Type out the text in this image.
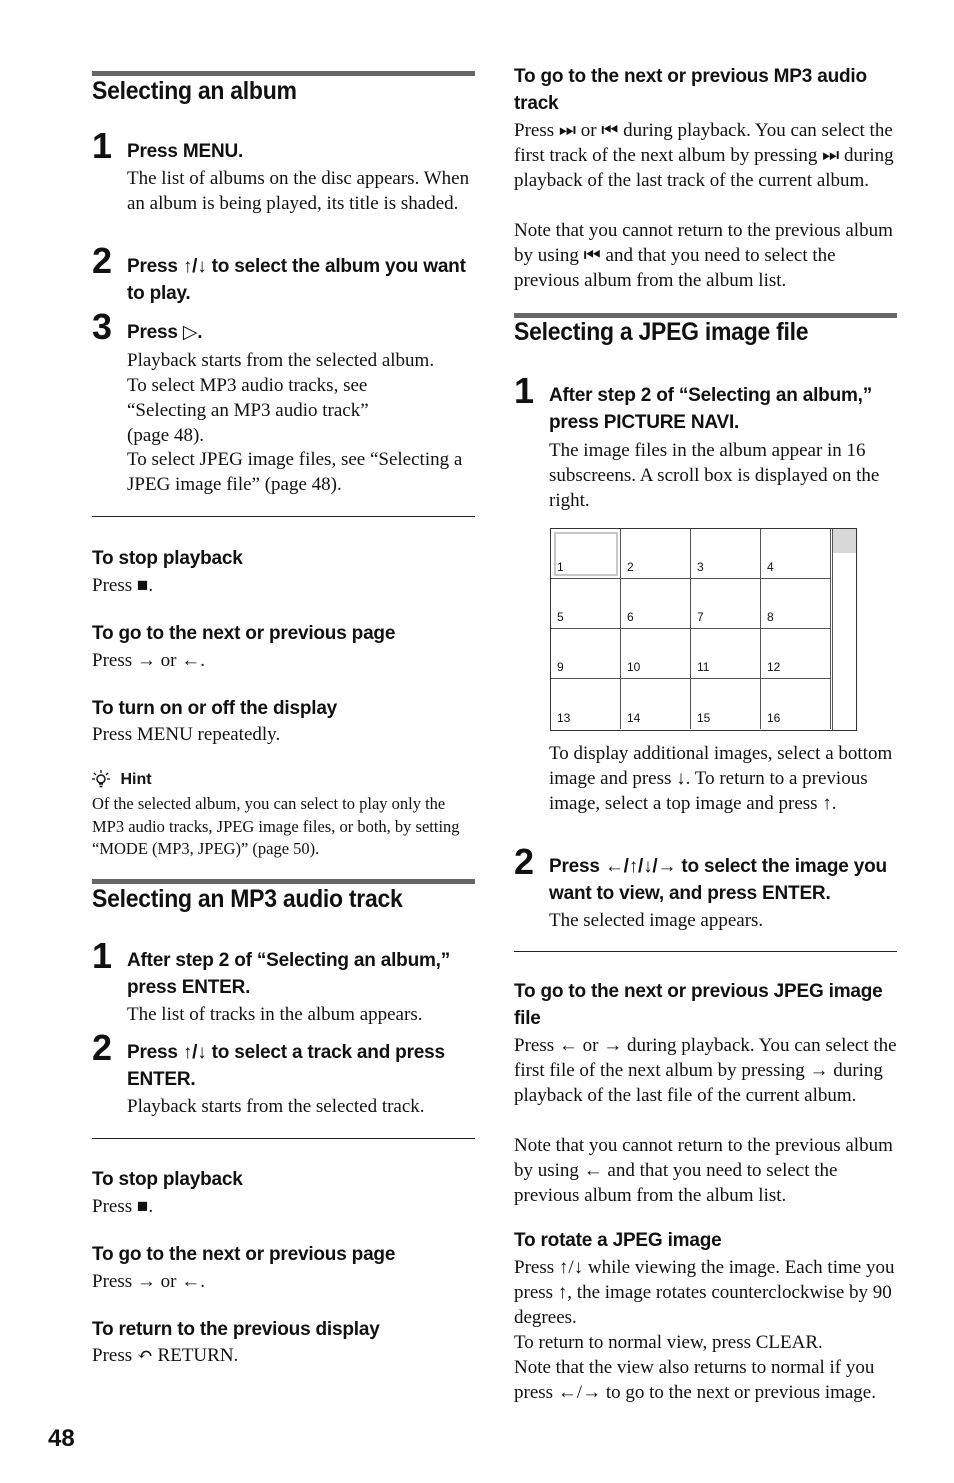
Selecting an album
1 Press MENU.
The list of albums on the disc appears. When an album is being played, its title is shaded.
2 Press ↑/↓ to select the album you want to play.
3 Press ▷.
Playback starts from the selected album.
To select MP3 audio tracks, see “Selecting an MP3 audio track” (page 48).
To select JPEG image files, see “Selecting a JPEG image file” (page 48).
To stop playback
Press ■.
To go to the next or previous page
Press → or ←.
To turn on or off the display
Press MENU repeatedly.
Hint
Of the selected album, you can select to play only the MP3 audio tracks, JPEG image files, or both, by setting “MODE (MP3, JPEG)” (page 50).
Selecting an MP3 audio track
1 After step 2 of “Selecting an album,” press ENTER.
The list of tracks in the album appears.
2 Press ↑/↓ to select a track and press ENTER.
Playback starts from the selected track.
To stop playback
Press ■.
To go to the next or previous page
Press → or ←.
To return to the previous display
Press ↶ RETURN.
To go to the next or previous MP3 audio track
Press ⏭ or ⏮ during playback. You can select the first track of the next album by pressing ⏭ during playback of the last track of the current album.
Note that you cannot return to the previous album by using ⏮ and that you need to select the previous album from the album list.
Selecting a JPEG image file
1 After step 2 of “Selecting an album,” press PICTURE NAVI.
The image files in the album appear in 16 subscreens. A scroll box is displayed on the right.
To display additional images, select a bottom image and press ↓. To return to a previous image, select a top image and press ↑.
2 Press ←/↑/↓/→ to select the image you want to view, and press ENTER.
The selected image appears.
To go to the next or previous JPEG image file
Press ← or → during playback. You can select the first file of the next album by pressing → during playback of the last file of the current album.
Note that you cannot return to the previous album by using ← and that you need to select the previous album from the album list.
To rotate a JPEG image
Press ↑/↓ while viewing the image. Each time you press ↑, the image rotates counterclockwise by 90 degrees.
To return to normal view, press CLEAR.
Note that the view also returns to normal if you press ←/→ to go to the next or previous image.
1	2	3	4
5	6	7	8
9	10	11	12
13	14	15	16
48
